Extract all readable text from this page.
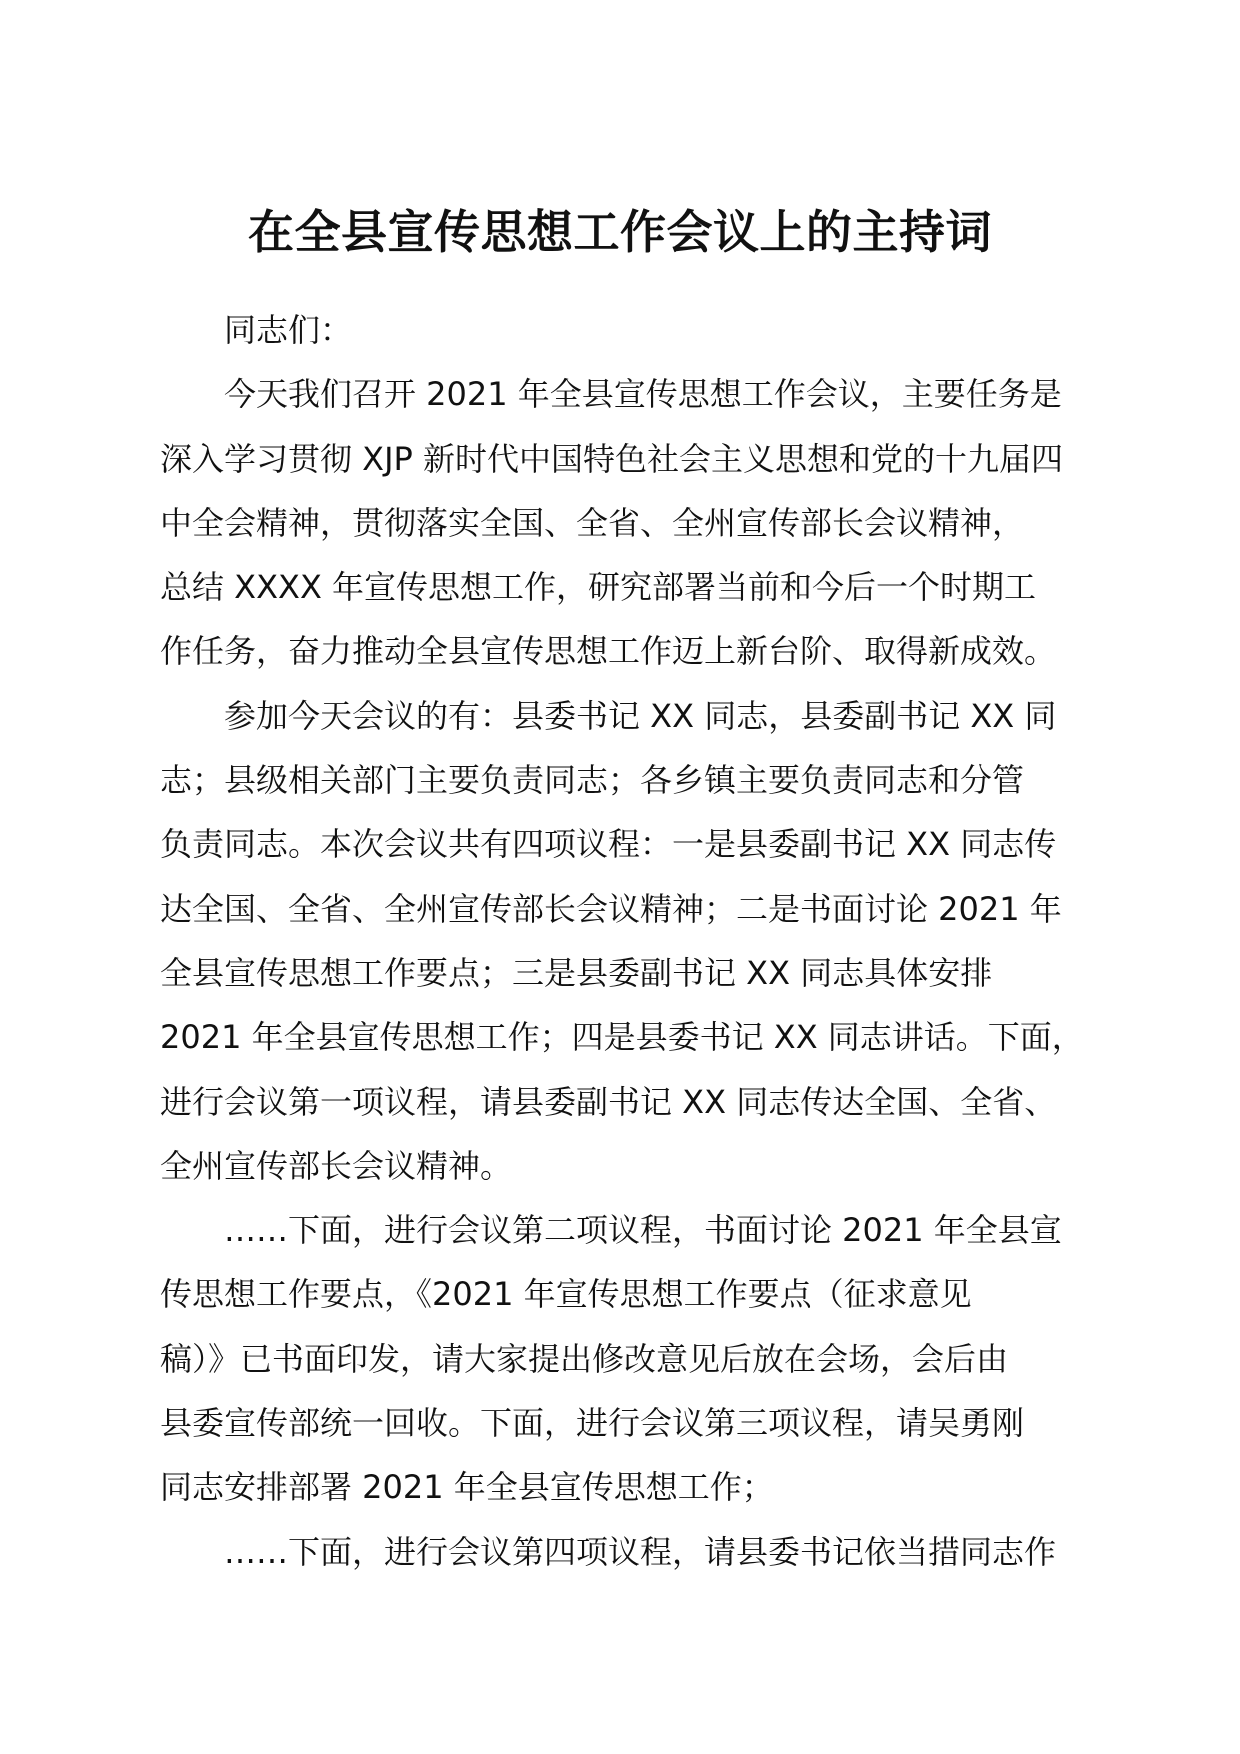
在全县宣传思想工作会议上的主持词
同志们：
今天我们召开 2021 年全县宣传思想工作会议，主要任务是
深入学习贯彻 XJP 新时代中国特色社会主义思想和党的十九届四
中全会精神，贯彻落实全国、全省、全州宣传部长会议精神，
总结 XXXX 年宣传思想工作，研究部署当前和今后一个时期工
作任务，奋力推动全县宣传思想工作迈上新台阶、取得新成效。
参加今天会议的有：县委书记 XX 同志，县委副书记 XX 同
志；县级相关部门主要负责同志；各乡镇主要负责同志和分管
负责同志。本次会议共有四项议程：一是县委副书记 XX 同志传
达全国、全省、全州宣传部长会议精神；二是书面讨论 2021 年
全县宣传思想工作要点；三是县委副书记 XX 同志具体安排
2021 年全县宣传思想工作；四是县委书记 XX 同志讲话。下面，
进行会议第一项议程，请县委副书记 XX 同志传达全国、全省、
全州宣传部长会议精神。
……下面，进行会议第二项议程，书面讨论 2021 年全县宣
传思想工作要点，《2021 年宣传思想工作要点（征求意见
稿）》已书面印发，请大家提出修改意见后放在会场，会后由
县委宣传部统一回收。下面，进行会议第三项议程，请吴勇刚
同志安排部署 2021 年全县宣传思想工作；
……下面，进行会议第四项议程，请县委书记依当措同志作
